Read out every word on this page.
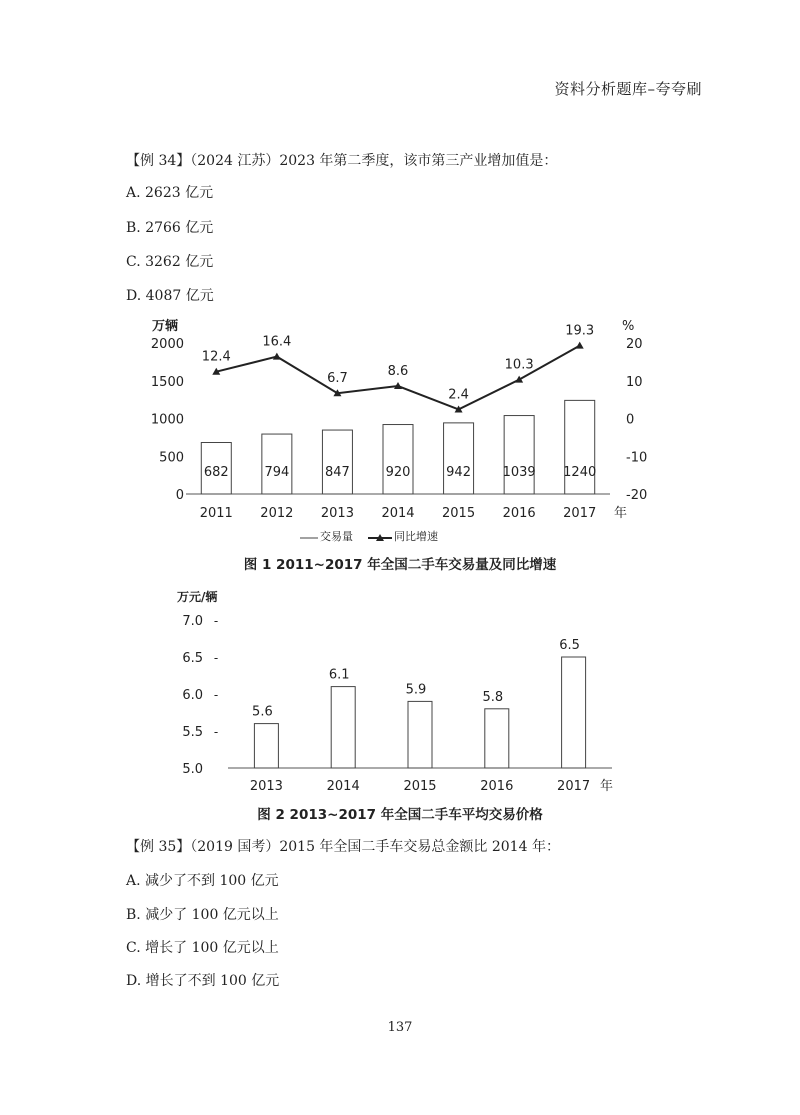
资料分析题库–夸夸刷
【例 34】（2024 江苏）2023 年第二季度，该市第三产业增加值是：
A. 2623 亿元
B. 2766 亿元
C. 3262 亿元
D. 4087 亿元
0
500
1000
1500
2000
万辆
-20
-10
0
10
20
%
682	794	847	920	942 1039 1240
12.4
16.4
6.7	8.6
2.4
10.3
19.3
2011 2012 2013 2014 2015 2016 2017 年
交易量	同比增速
图 1 2011~2017 年全国二手车交易量及同比增速
万元/辆
5.0
5.5 -
6.0 -
6.5 -
7.0 -
5.6
6.1
5.9	5.8
6.5
2013	2014	2015	2016	2017 年
图 2 2013~2017 年全国二手车平均交易价格
【例 35】（2019 国考）2015 年全国二手车交易总金额比 2014 年：
A. 减少了不到 100 亿元
B. 减少了 100 亿元以上
C. 增长了 100 亿元以上
D. 增长了不到 100 亿元
137
